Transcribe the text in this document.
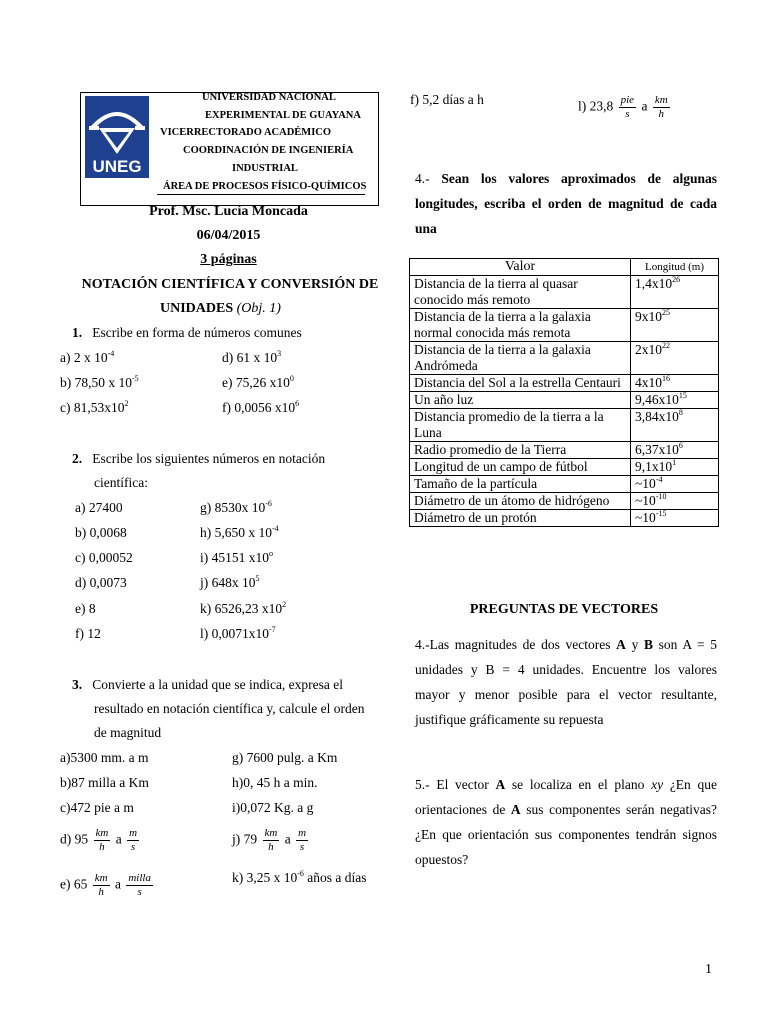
UNEG
UNIVERSIDAD NACIONAL
EXPERIMENTAL DE GUAYANA
VICERRECTORADO ACADÉMICO
COORDINACIÓN DE INGENIERÍA
INDUSTRIAL
ÁREA DE PROCESOS FÍSICO-QUÍMICOS
Prof. Msc. Lucía Moncada
06/04/2015
3 páginas
NOTACIÓN CIENTÍFICA Y CONVERSIÓN DE
UNIDADES (Obj. 1)
1. Escribe en forma de números comunes
a) 2 x $10^{-4}$	d) 61 x $10^3$
b) 78,50 x $10^{-5}$	e) 75,26 $x10^0$
c) $81,53x10^2$	f) 0,0056 $x10^6$
2. Escribe los siguientes números en notación
científica:
a) 27400
b) 0,0068
c) 0,00052
d) 0,0073
e) 8
f) 12
g) 8530x $10^{-6}$
h) 5,650 x $10^{-4}$
i) 45151 x10$^o$
j) 648x $10^5$
k) 6526,23 $x10^2$
l) $0,0071x10^{-7}$
3. Convierte a la unidad que se indica, expresa el
resultado en notación científica y, calcule el orden
de magnitud
a)5300 mm. a m
b)87 milla a Km
c)472 pie a m
g) 7600 pulg. a Km
h)0, 45 h a min.
i)0,072 Kg. a g
d) $95 \frac{km}{h}$ a $\frac{m}{s}$	j) $79 \frac{km}{h}$ a $\frac{m}{s}$
e) $65 \frac{km}{h}$ a $\frac{\text{milla}}{s}$	k) 3,25 x $10^{-6}$ años a días
f) 5,2 días a h	l) $23,8 \frac{\text{pie}}{s}$ a $\frac{km}{h}$
4.- Sean los valores aproximados de algunas longitudes, escriba el orden de magnitud de cada una
Valor	Longitud (m)
Distancia de la tierra al quasar conocido más remoto	$1,4x10^{26}$
Distancia de la tierra a la galaxia normal conocida más remota	$9x10^{25}$
Distancia de la tierra a la galaxia Andrómeda	$2x10^{22}$
Distancia del Sol a la estrella Centauri	$4x10^{16}$
Un año luz	$9,46x10^{15}$
Distancia promedio de la tierra a la Luna	$3,84x10^8$
Radio promedio de la Tierra	$6,37x10^6$
Longitud de un campo de fútbol	$9,1x10^1$
Tamaño de la partícula	$\sim 10^{-4}$
Diámetro de un átomo de hidrógeno	$\sim 10^{-10}$
Diámetro de un protón	$\sim 10^{-15}$
PREGUNTAS DE VECTORES
4.-Las magnitudes de dos vectores A y B son A = 5 unidades y B = 4 unidades. Encuentre los valores mayor y menor posible para el vector resultante, justifique gráficamente su repuesta
5.- El vector A se localiza en el plano xy ¿En que orientaciones de A sus componentes serán negativas? ¿En que orientación sus componentes tendrán signos opuestos?
1
